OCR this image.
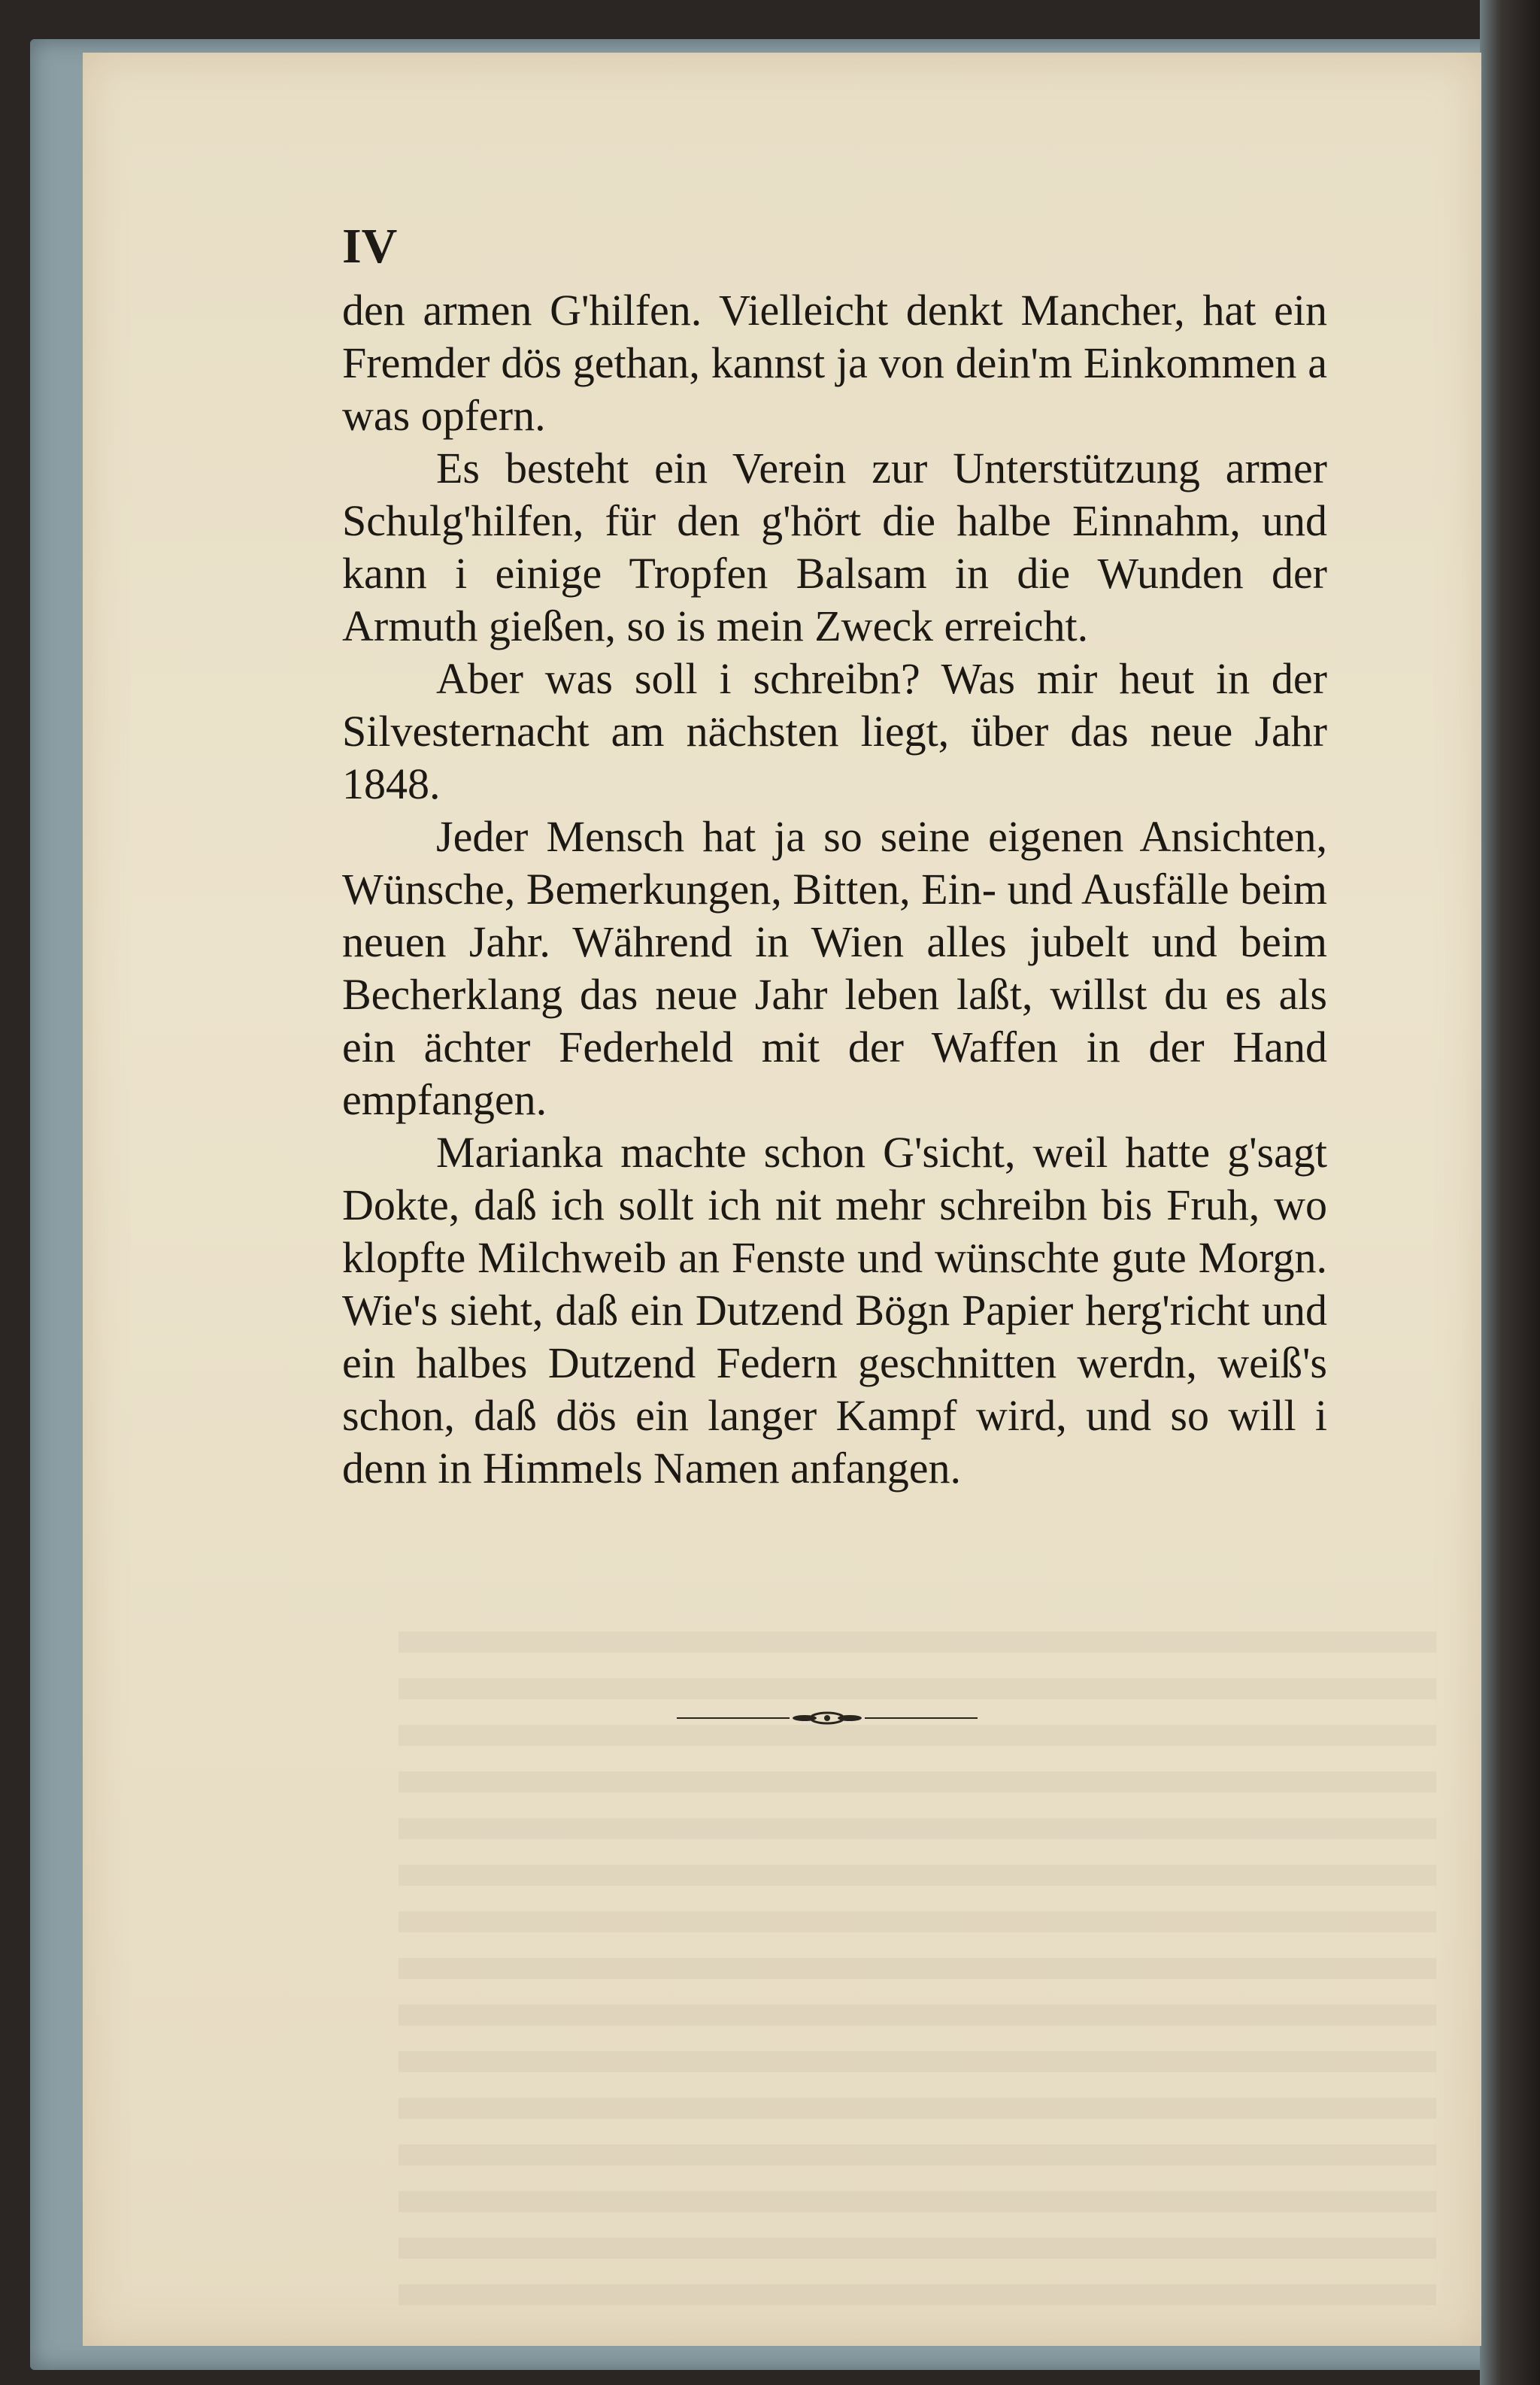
IV

den armen G'hilfen. Vielleicht denkt Mancher, hat ein Fremder dös gethan, kannst ja von dein'm Einkommen a was opfern.

Es besteht ein Verein zur Unterstützung armer Schulg'hilfen, für den g'hört die halbe Einnahm, und kann i einige Tropfen Balsam in die Wunden der Armuth gießen, so is mein Zweck erreicht.

Aber was soll i schreibn? Was mir heut in der Silvesternacht am nächsten liegt, über das neue Jahr 1848.

Jeder Mensch hat ja so seine eigenen Ansichten, Wünsche, Bemerkungen, Bitten, Ein- und Ausfälle beim neuen Jahr. Während in Wien alles jubelt und beim Becherklang das neue Jahr leben laßt, willst du es als ein ächter Federheld mit der Waffen in der Hand empfangen.

Marianka machte schon G'sicht, weil hatte g'sagt Dokte, daß ich sollt ich nit mehr schreibn bis Fruh, wo klopfte Milchweib an Fenste und wünschte gute Morgn. Wie's sieht, daß ein Dutzend Bögn Papier herg'richt und ein halbes Dutzend Federn geschnitten werdn, weiß's schon, daß dös ein langer Kampf wird, und so will i denn in Himmels Namen anfangen.
